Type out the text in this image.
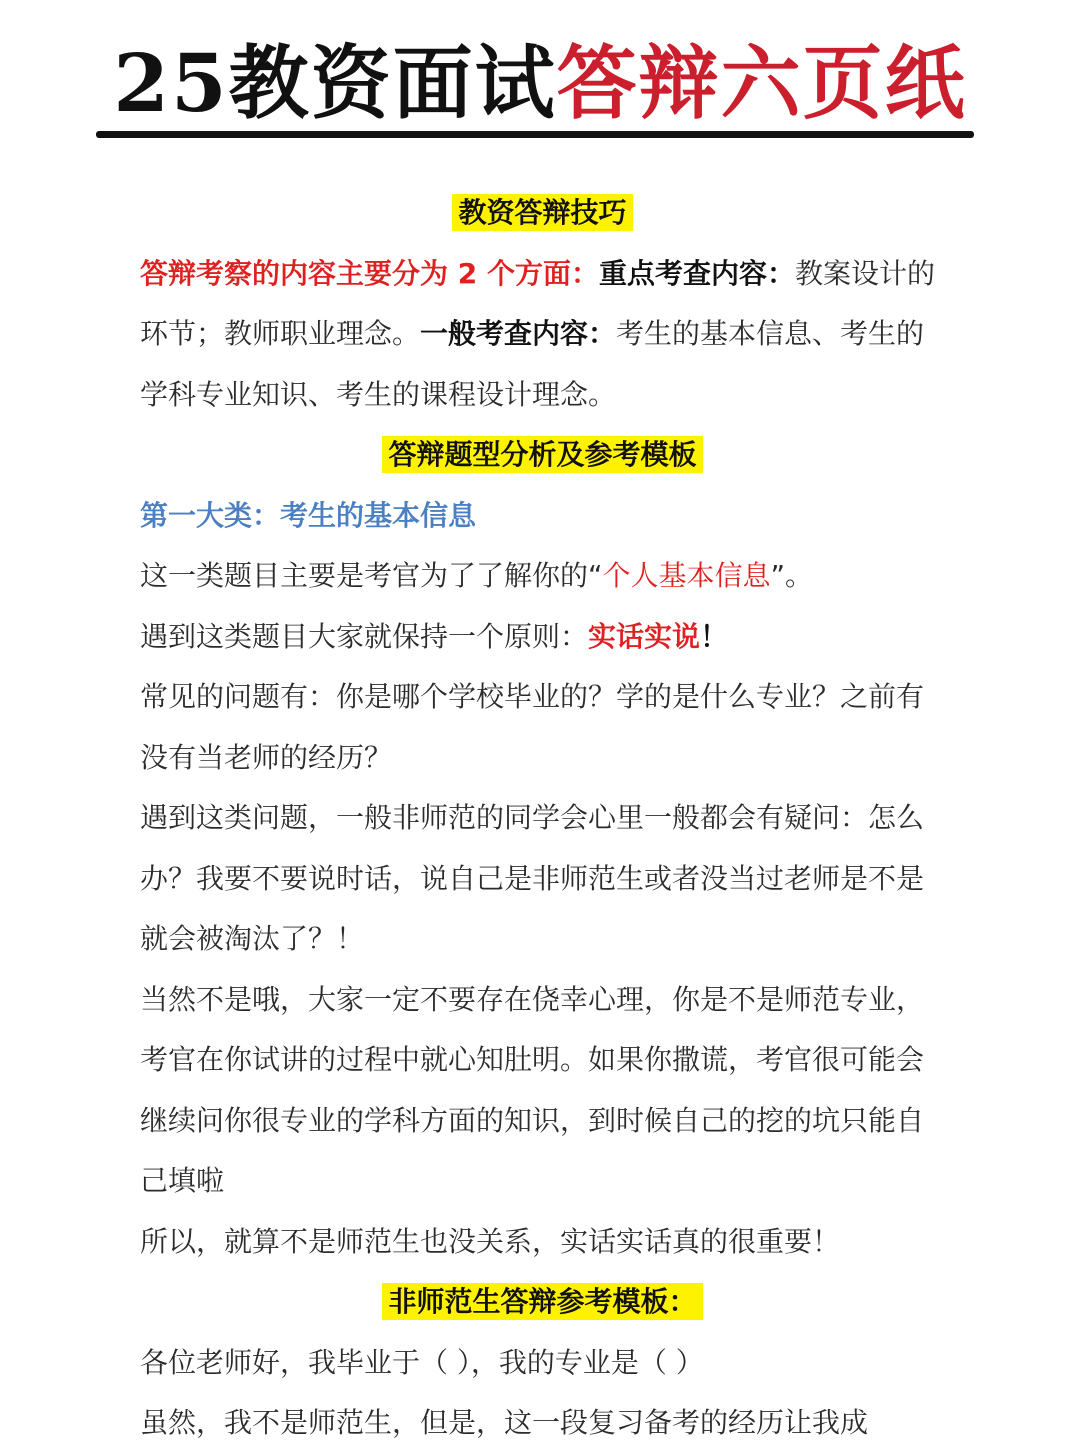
25教资面试答辩六页纸

教资答辩技巧

答辩考察的内容主要分为 2 个方面：重点考查内容：教案设计的环节；教师职业理念。一般考查内容：考生的基本信息、考生的学科专业知识、考生的课程设计理念。

答辩题型分析及参考模板

第一大类：考生的基本信息

这一类题目主要是考官为了了解你的“个人基本信息”。

遇到这类题目大家就保持一个原则：实话实说！

常见的问题有：你是哪个学校毕业的？学的是什么专业？之前有没有当老师的经历？

遇到这类问题，一般非师范的同学会心里一般都会有疑问：怎么办？我要不要说时话，说自己是非师范生或者没当过老师是不是就会被淘汰了？！

当然不是哦，大家一定不要存在侥幸心理，你是不是师范专业，考官在你试讲的过程中就心知肚明。如果你撒谎，考官很可能会继续问你很专业的学科方面的知识，到时候自己的挖的坑只能自己填啦

所以，就算不是师范生也没关系，实话实话真的很重要！

非师范生答辩参考模板：

各位老师好，我毕业于（ ），我的专业是（ ）

虽然，我不是师范生，但是，这一段复习备考的经历让我成
